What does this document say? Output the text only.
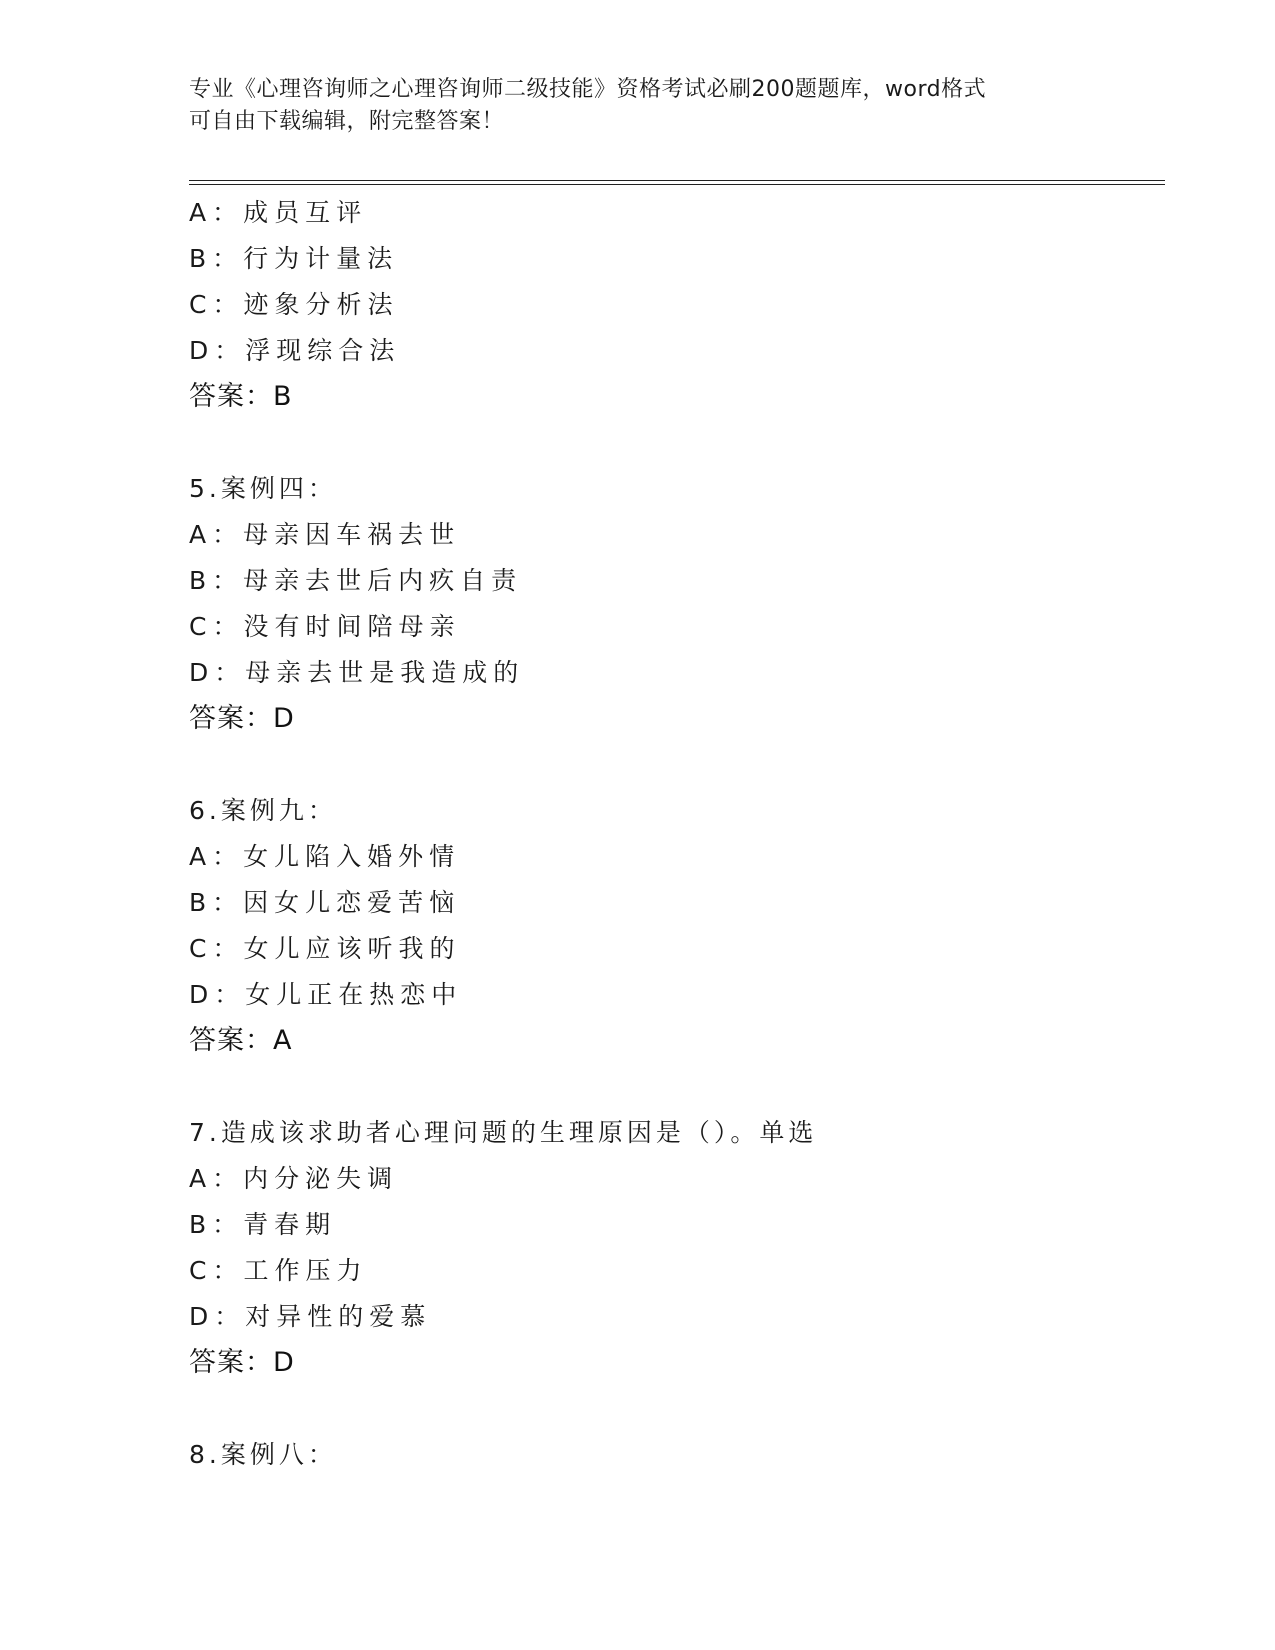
专业《心理咨询师之心理咨询师二级技能》资格考试必刷200题题库，word格式
可自由下载编辑，附完整答案！
A：成员互评
B：行为计量法
C：迹象分析法
D：浮现综合法
答案：B
5.案例四：
A：母亲因车祸去世
B：母亲去世后内疚自责
C：没有时间陪母亲
D：母亲去世是我造成的
答案：D
6.案例九：
A：女儿陷入婚外情
B：因女儿恋爱苦恼
C：女儿应该听我的
D：女儿正在热恋中
答案：A
7.造成该求助者心理问题的生理原因是（）。单选
A：内分泌失调
B：青春期
C：工作压力
D：对异性的爱慕
答案：D
8.案例八：
